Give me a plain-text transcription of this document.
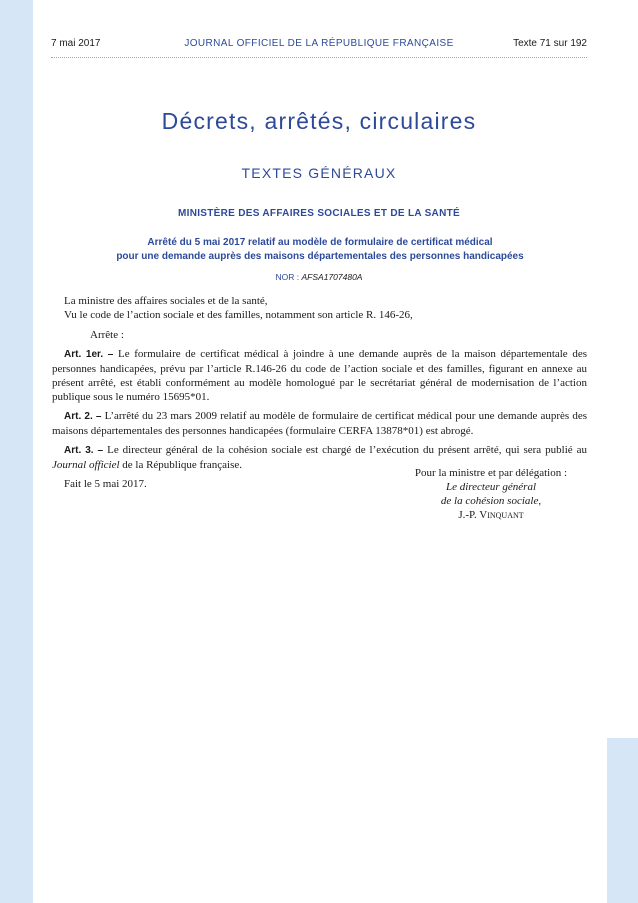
7 mai 2017	JOURNAL OFFICIEL DE LA RÉPUBLIQUE FRANÇAISE	Texte 71 sur 192
Décrets, arrêtés, circulaires
TEXTES GÉNÉRAUX
MINISTÈRE DES AFFAIRES SOCIALES ET DE LA SANTÉ
Arrêté du 5 mai 2017 relatif au modèle de formulaire de certificat médical
pour une demande auprès des maisons départementales des personnes handicapées
NOR : AFSA1707480A

La ministre des affaires sociales et de la santé,

Vu le code de l’action sociale et des familles, notamment son article R. 146-26,

Arrête :

Art. 1er. – Le formulaire de certificat médical à joindre à une demande auprès de la maison départementale des personnes handicapées, prévu par l’article R.146-26 du code de l’action sociale et des familles, figurant en annexe au présent arrêté, est établi conformément au modèle homologué par le secrétariat général de modernisation de l’action publique sous le numéro 15695*01.

Art. 2. – L’arrêté du 23 mars 2009 relatif au modèle de formulaire de certificat médical pour une demande auprès des maisons départementales des personnes handicapées (formulaire CERFA 13878*01) est abrogé.

Art. 3. – Le directeur général de la cohésion sociale est chargé de l’exécution du présent arrêté, qui sera publié au Journal officiel de la République française.

Fait le 5 mai 2017.

Pour la ministre et par délégation :
Le directeur général
de la cohésion sociale,
J.-P. Vinquant
